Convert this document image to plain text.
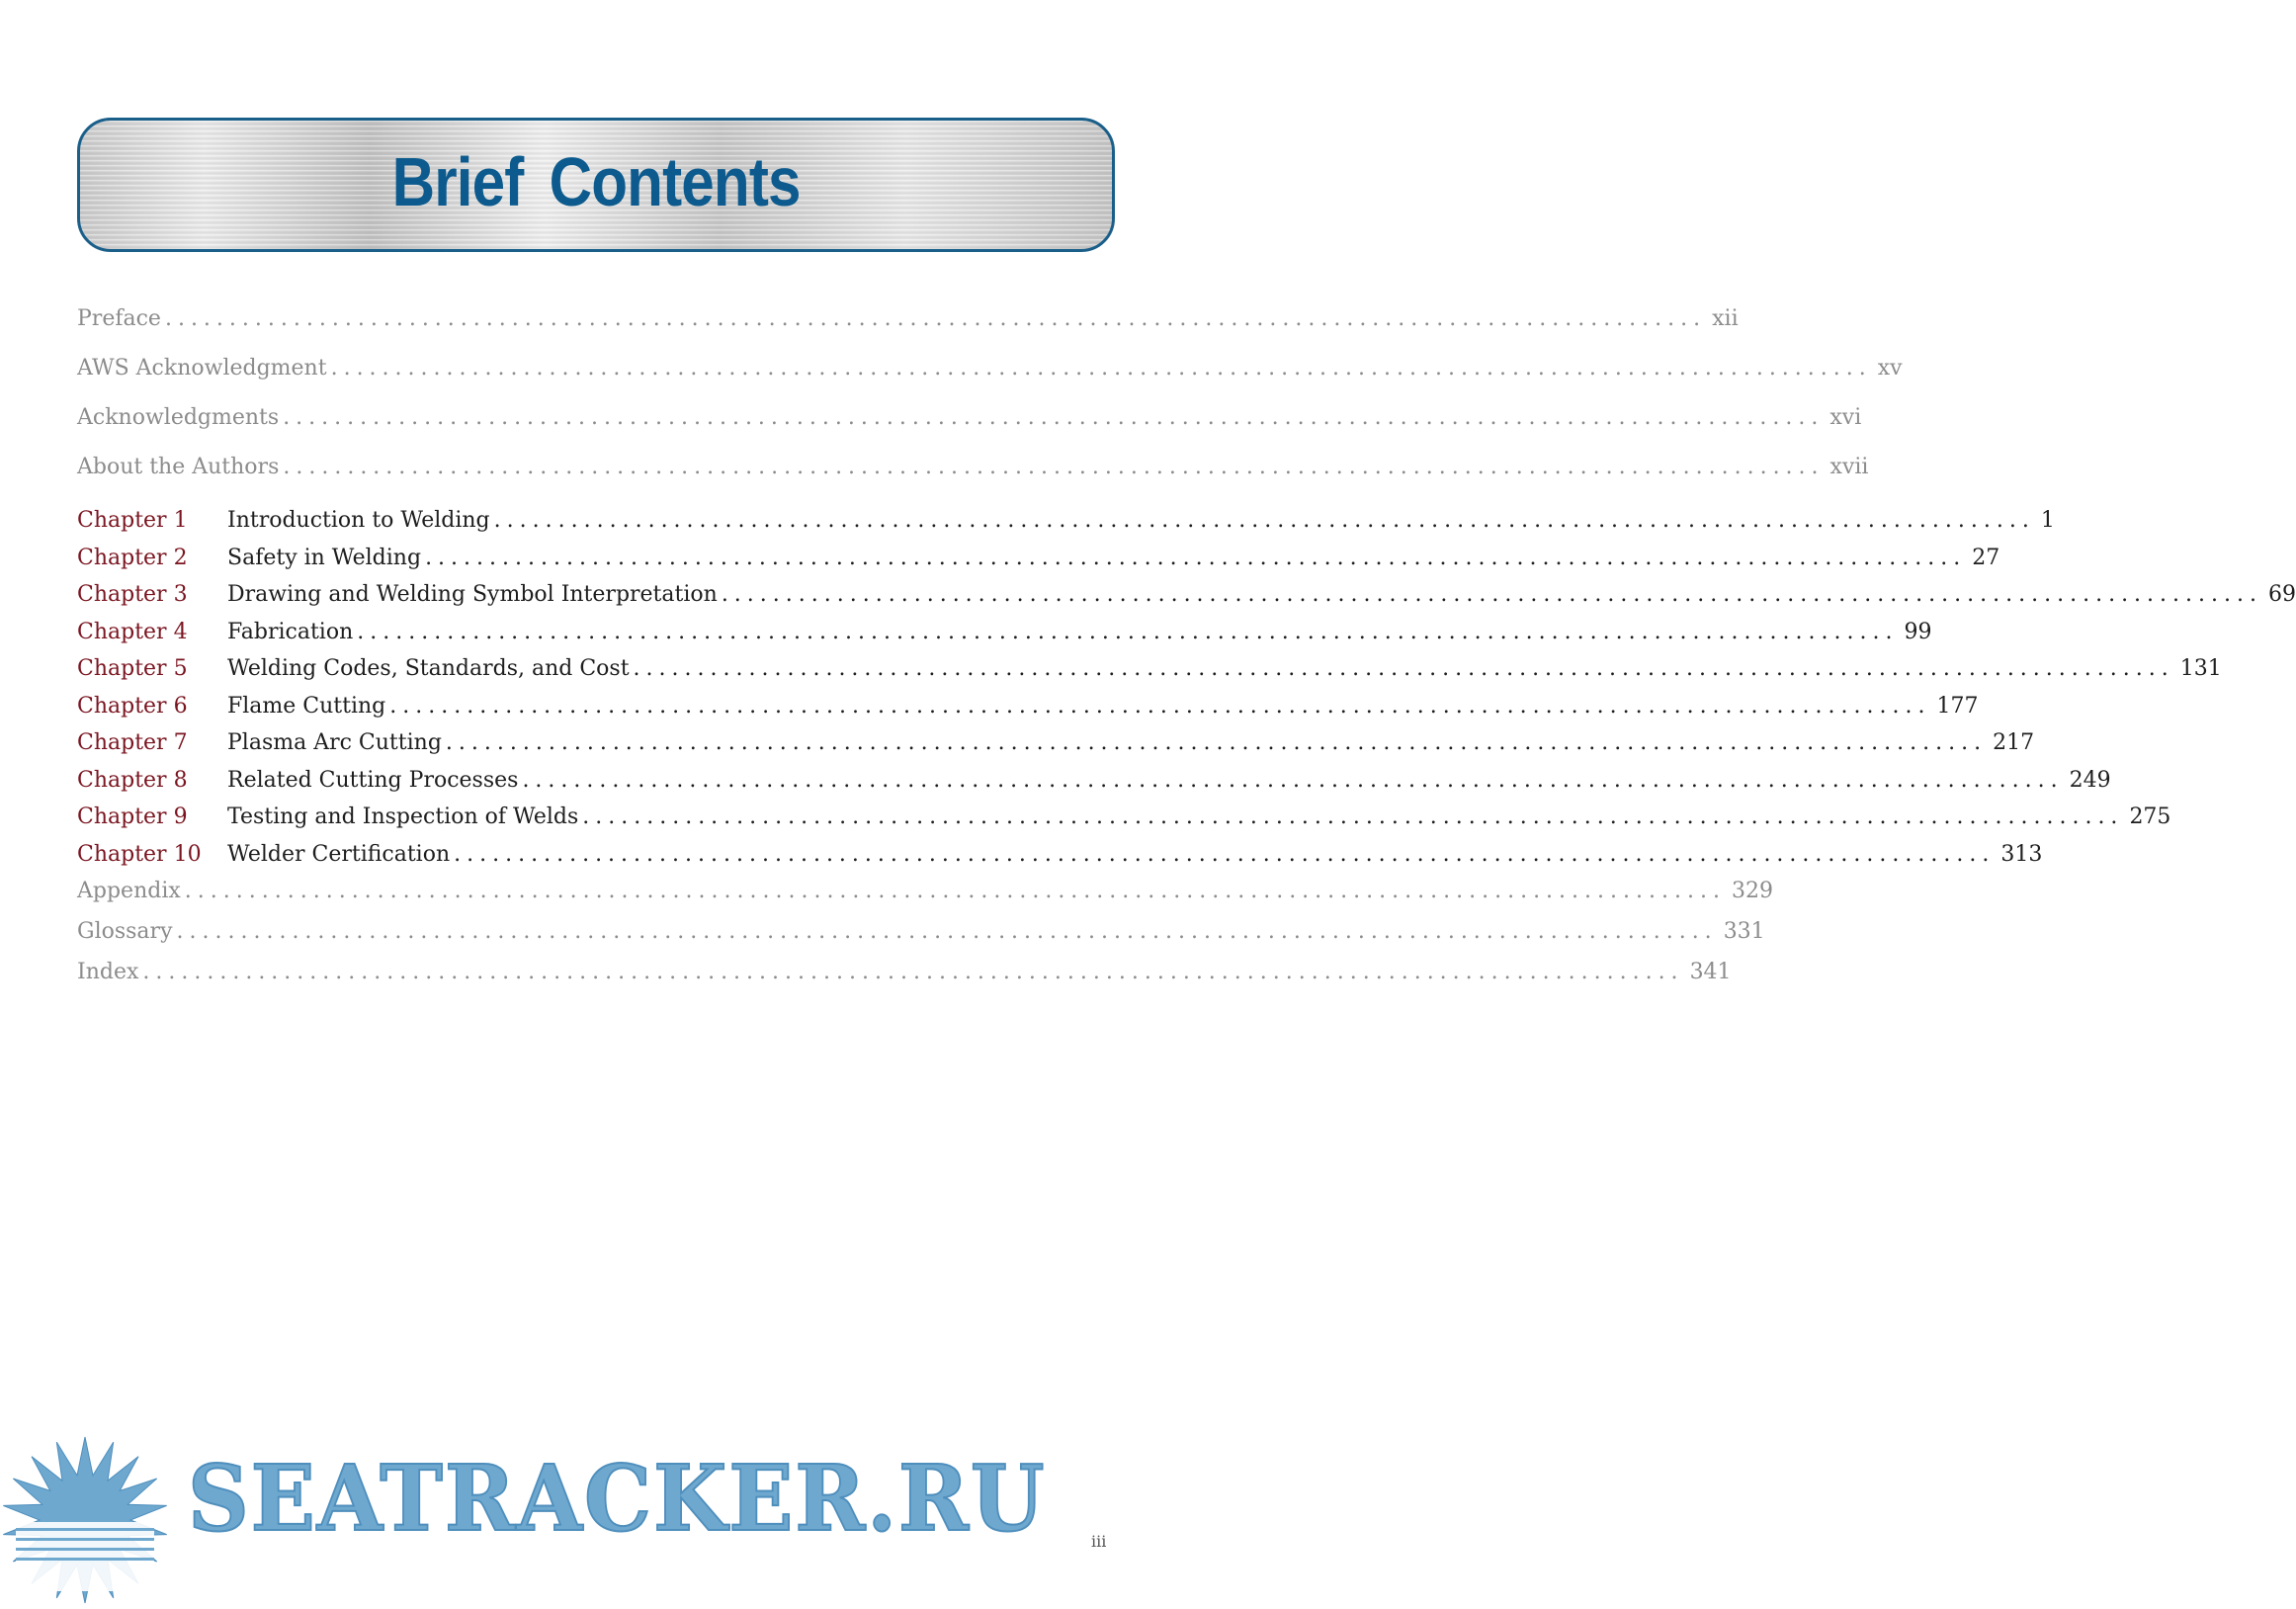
Brief Contents
Preface ........................................................................................................................ xii
AWS Acknowledgment ........................................................................................................................ xv
Acknowledgments ........................................................................................................................ xvi
About the Authors ........................................................................................................................ xvii
Chapter 1	Introduction to Welding ........................................................................................................................ 1
Chapter 2	Safety in Welding ........................................................................................................................ 27
Chapter 3	Drawing and Welding Symbol Interpretation ........................................................................................................................ 69
Chapter 4	Fabrication ........................................................................................................................ 99
Chapter 5	Welding Codes, Standards, and Cost ........................................................................................................................ 131
Chapter 6	Flame Cutting ........................................................................................................................ 177
Chapter 7	Plasma Arc Cutting ........................................................................................................................ 217
Chapter 8	Related Cutting Processes ........................................................................................................................ 249
Chapter 9	Testing and Inspection of Welds ........................................................................................................................ 275
Chapter 10	Welder Certification ........................................................................................................................ 313
Appendix ........................................................................................................................ 329
Glossary ........................................................................................................................ 331
Index ........................................................................................................................ 341
SEATRACKER.RU	iii
